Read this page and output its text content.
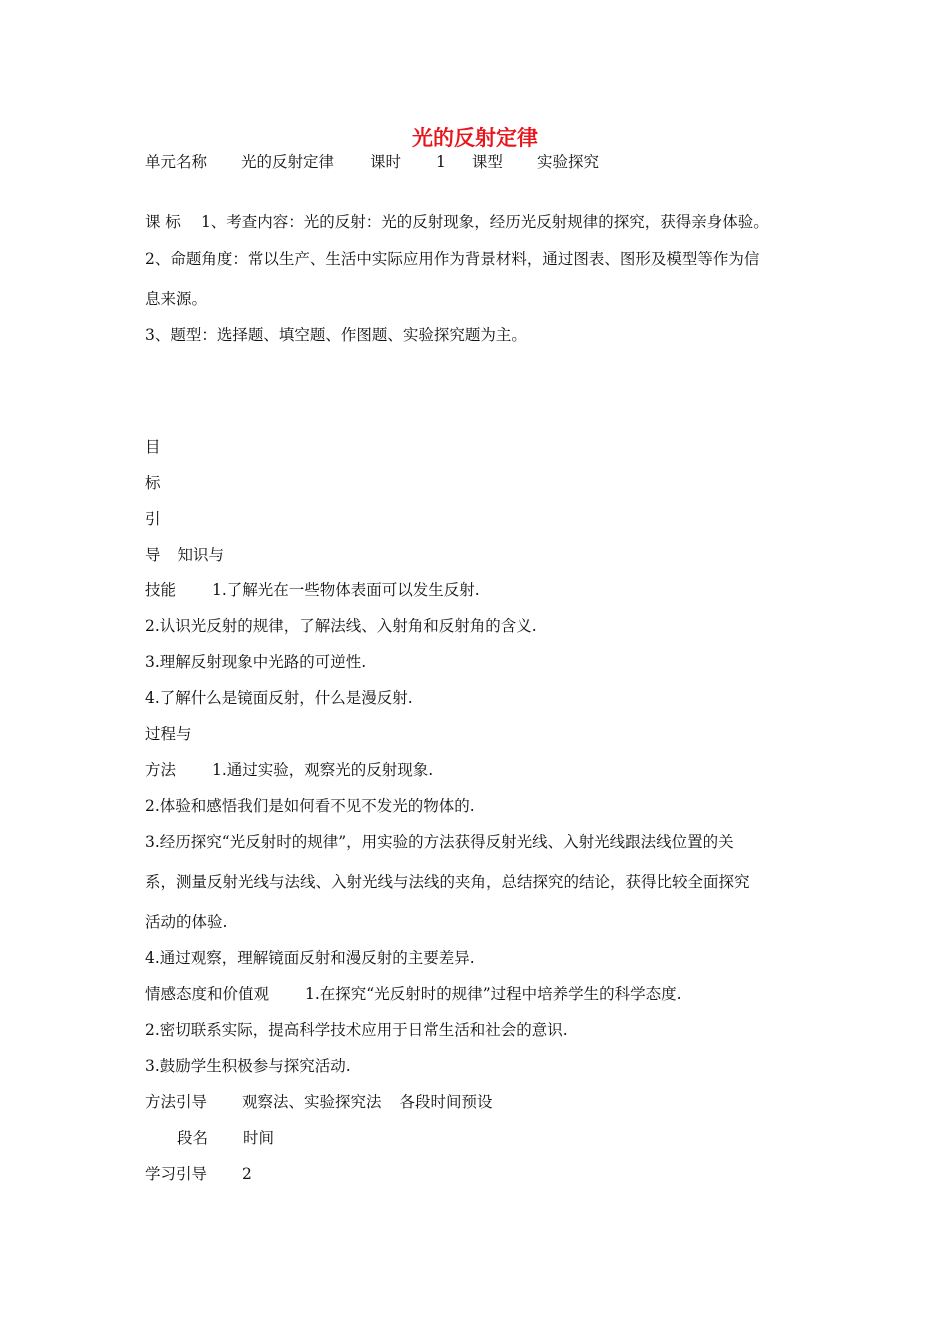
光的反射定律
单元名称 光的反射定律 课时 1 课型 实验探究
课 标 1、考查内容：光的反射：光的反射现象，经历光反射规律的探究，获得亲身体验。
2、命题角度：常以生产、生活中实际应用作为背景材料，通过图表、图形及模型等作为信
息来源。
3、题型：选择题、填空题、作图题、实验探究题为主。
目
标
引
导 知识与
技能 1.了解光在一些物体表面可以发生反射.
2.认识光反射的规律，了解法线、入射角和反射角的含义.
3.理解反射现象中光路的可逆性.
4.了解什么是镜面反射，什么是漫反射.
过程与
方法 1.通过实验，观察光的反射现象.
2.体验和感悟我们是如何看不见不发光的物体的.
3.经历探究“光反射时的规律”，用实验的方法获得反射光线、入射光线跟法线位置的关
系，测量反射光线与法线、入射光线与法线的夹角，总结探究的结论，获得比较全面探究
活动的体验.
4.通过观察，理解镜面反射和漫反射的主要差异.
情感态度和价值观 1.在探究“光反射时的规律”过程中培养学生的科学态度.
2.密切联系实际，提高科学技术应用于日常生活和社会的意识.
3.鼓励学生积极参与探究活动.
方法引导 观察法、实验探究法 各段时间预设
段名 时间
学习引导 2
